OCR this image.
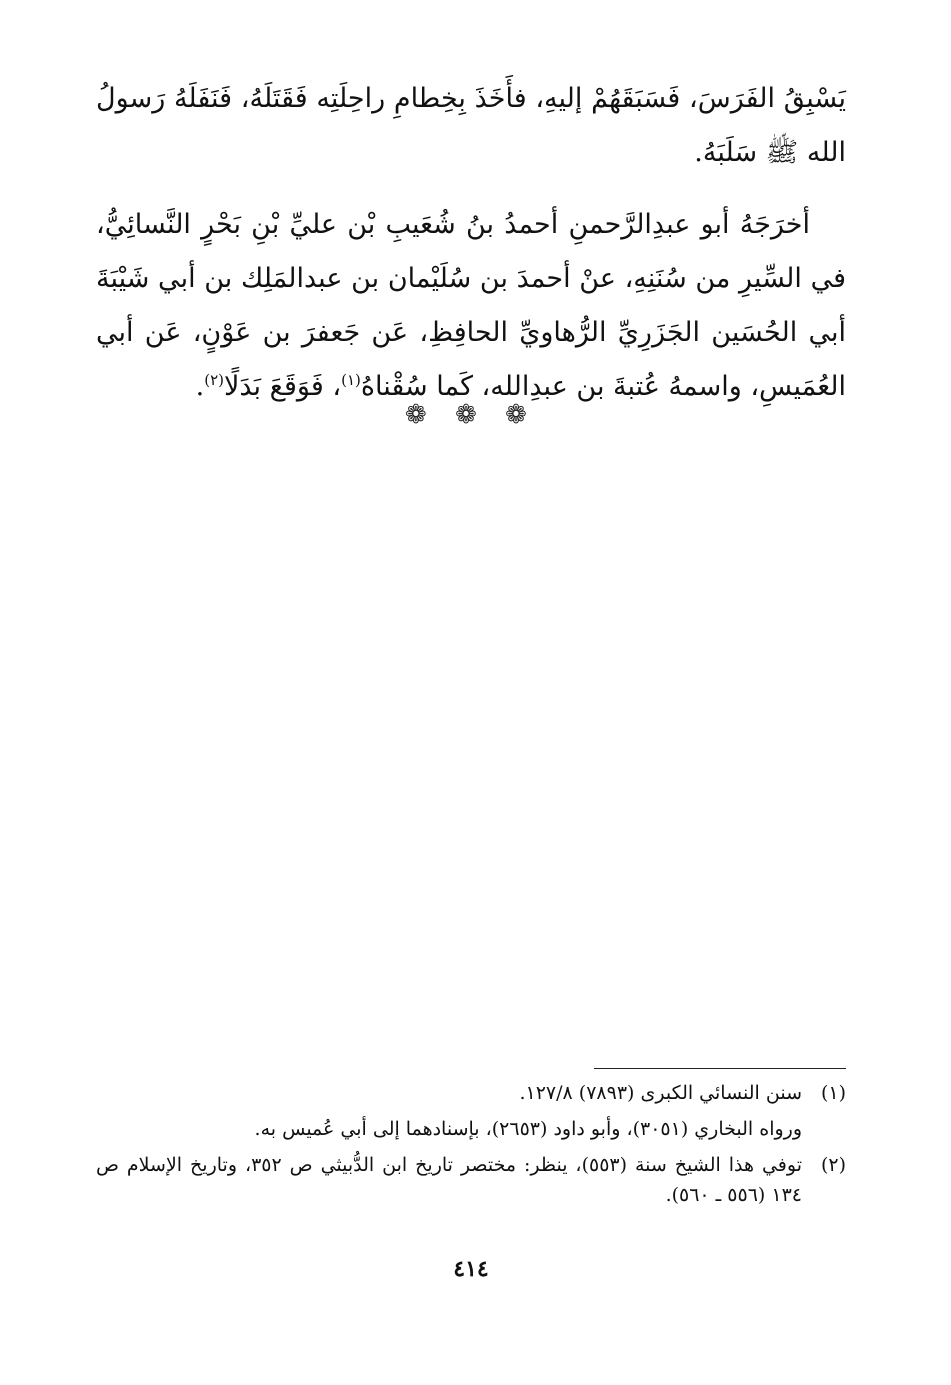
يَسْبِقُ الفَرَسَ، فَسَبَقَهُمْ إليهِ، فأَخَذَ بِخِطامِ راحِلَتِه فَقَتَلَهُ، فَنَفَلَهُ رَسولُ الله ﷺ سَلَبَهُ.

أخرَجَهُ أبو عبدِالرَّحمنِ أحمدُ بنُ شُعَيبِ بْن عليِّ بْنِ بَحْرٍ النَّسائِيُّ، في السِّيرِ من سُنَنِهِ، عنْ أحمدَ بن سُلَيْمان بن عبدالمَلِك بن أبي شَيْبَةَ أبي الحُسَين الجَزَرِيِّ الرُّهاويِّ الحافِظِ، عَن جَعفرَ بن عَوْنٍ، عَن أبي العُمَيسِ، واسمهُ عُتبةَ بن عبدِالله، كَما سُقْناهُ$^{(١)}$، فَوَقَعَ بَدَلًا$^{(٢)}$.

❁ ❁ ❁

(١)
سنن النسائي الكبرى (٧٨٩٣) ١٢٧/٨.

ورواه البخاري (٣٠٥١)، وأبو داود (٢٦٥٣)، بإسنادهما إلى أبي عُميس به.

(٢)
توفي هذا الشيخ سنة (٥٥٣)، ينظر: مختصر تاريخ ابن الدُّبيثي ص ٣٥٢، وتاريخ الإسلام ص ١٣٤ (٥٥٦ ـ ٥٦٠).

٤١٤
